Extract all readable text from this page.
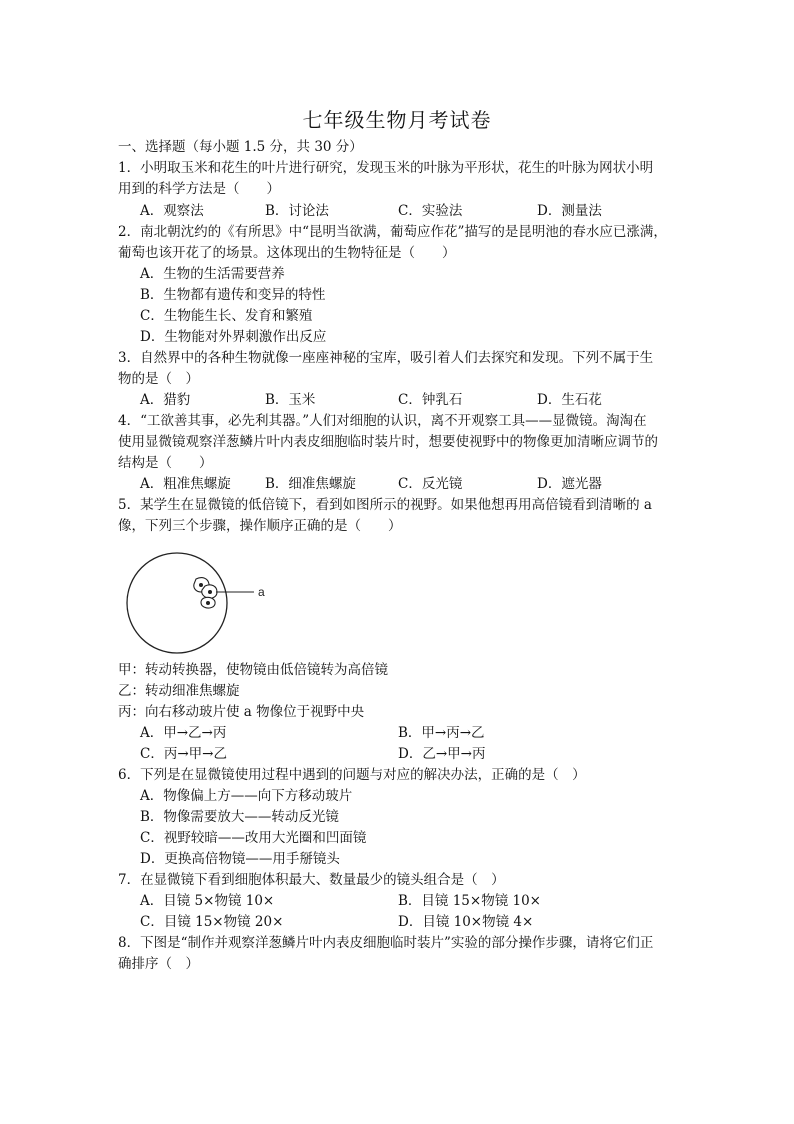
七年级生物月考试卷
一、选择题（每小题 1.5 分，共 30 分）
1．小明取玉米和花生的叶片进行研究，发现玉米的叶脉为平形状，花生的叶脉为网状小明
用到的科学方法是（　　）
A．观察法	B．讨论法	C．实验法	D．测量法
2．南北朝沈约的《有所思》中“昆明当欲满，葡萄应作花”描写的是昆明池的春水应已涨满，
葡萄也该开花了的场景。这体现出的生物特征是（　　）
A．生物的生活需要营养
B．生物都有遗传和变异的特性
C．生物能生长、发育和繁殖
D．生物能对外界刺激作出反应
3．自然界中的各种生物就像一座座神秘的宝库，吸引着人们去探究和发现。下列不属于生
物的是（　）
A．猎豹	B．玉米	C．钟乳石	D．生石花
4．“工欲善其事，必先利其器。”人们对细胞的认识，离不开观察工具——显微镜。淘淘在
使用显微镜观察洋葱鳞片叶内表皮细胞临时装片时，想要使视野中的物像更加清晰应调节的
结构是（　　）
A．粗准焦螺旋	B．细准焦螺旋	C．反光镜	D．遮光器
5．某学生在显微镜的低倍镜下，看到如图所示的视野。如果他想再用高倍镜看到清晰的 a
像，下列三个步骤，操作顺序正确的是（　　）
a
甲：转动转换器，使物镜由低倍镜转为高倍镜
乙：转动细准焦螺旋
丙：向右移动玻片使 a 物像位于视野中央
A．甲→乙→丙	B．甲→丙→乙
C．丙→甲→乙	D．乙→甲→丙
6．下列是在显微镜使用过程中遇到的问题与对应的解决办法，正确的是（　）
A．物像偏上方——向下方移动玻片
B．物像需要放大——转动反光镜
C．视野较暗——改用大光圈和凹面镜
D．更换高倍物镜——用手掰镜头
7．在显微镜下看到细胞体积最大、数量最少的镜头组合是（　）
A．目镜 5×物镜 10×	B．目镜 15×物镜 10×
C．目镜 15×物镜 20×	D．目镜 10×物镜 4×
8．下图是“制作并观察洋葱鳞片叶内表皮细胞临时装片”实验的部分操作步骤，请将它们正
确排序（　）
